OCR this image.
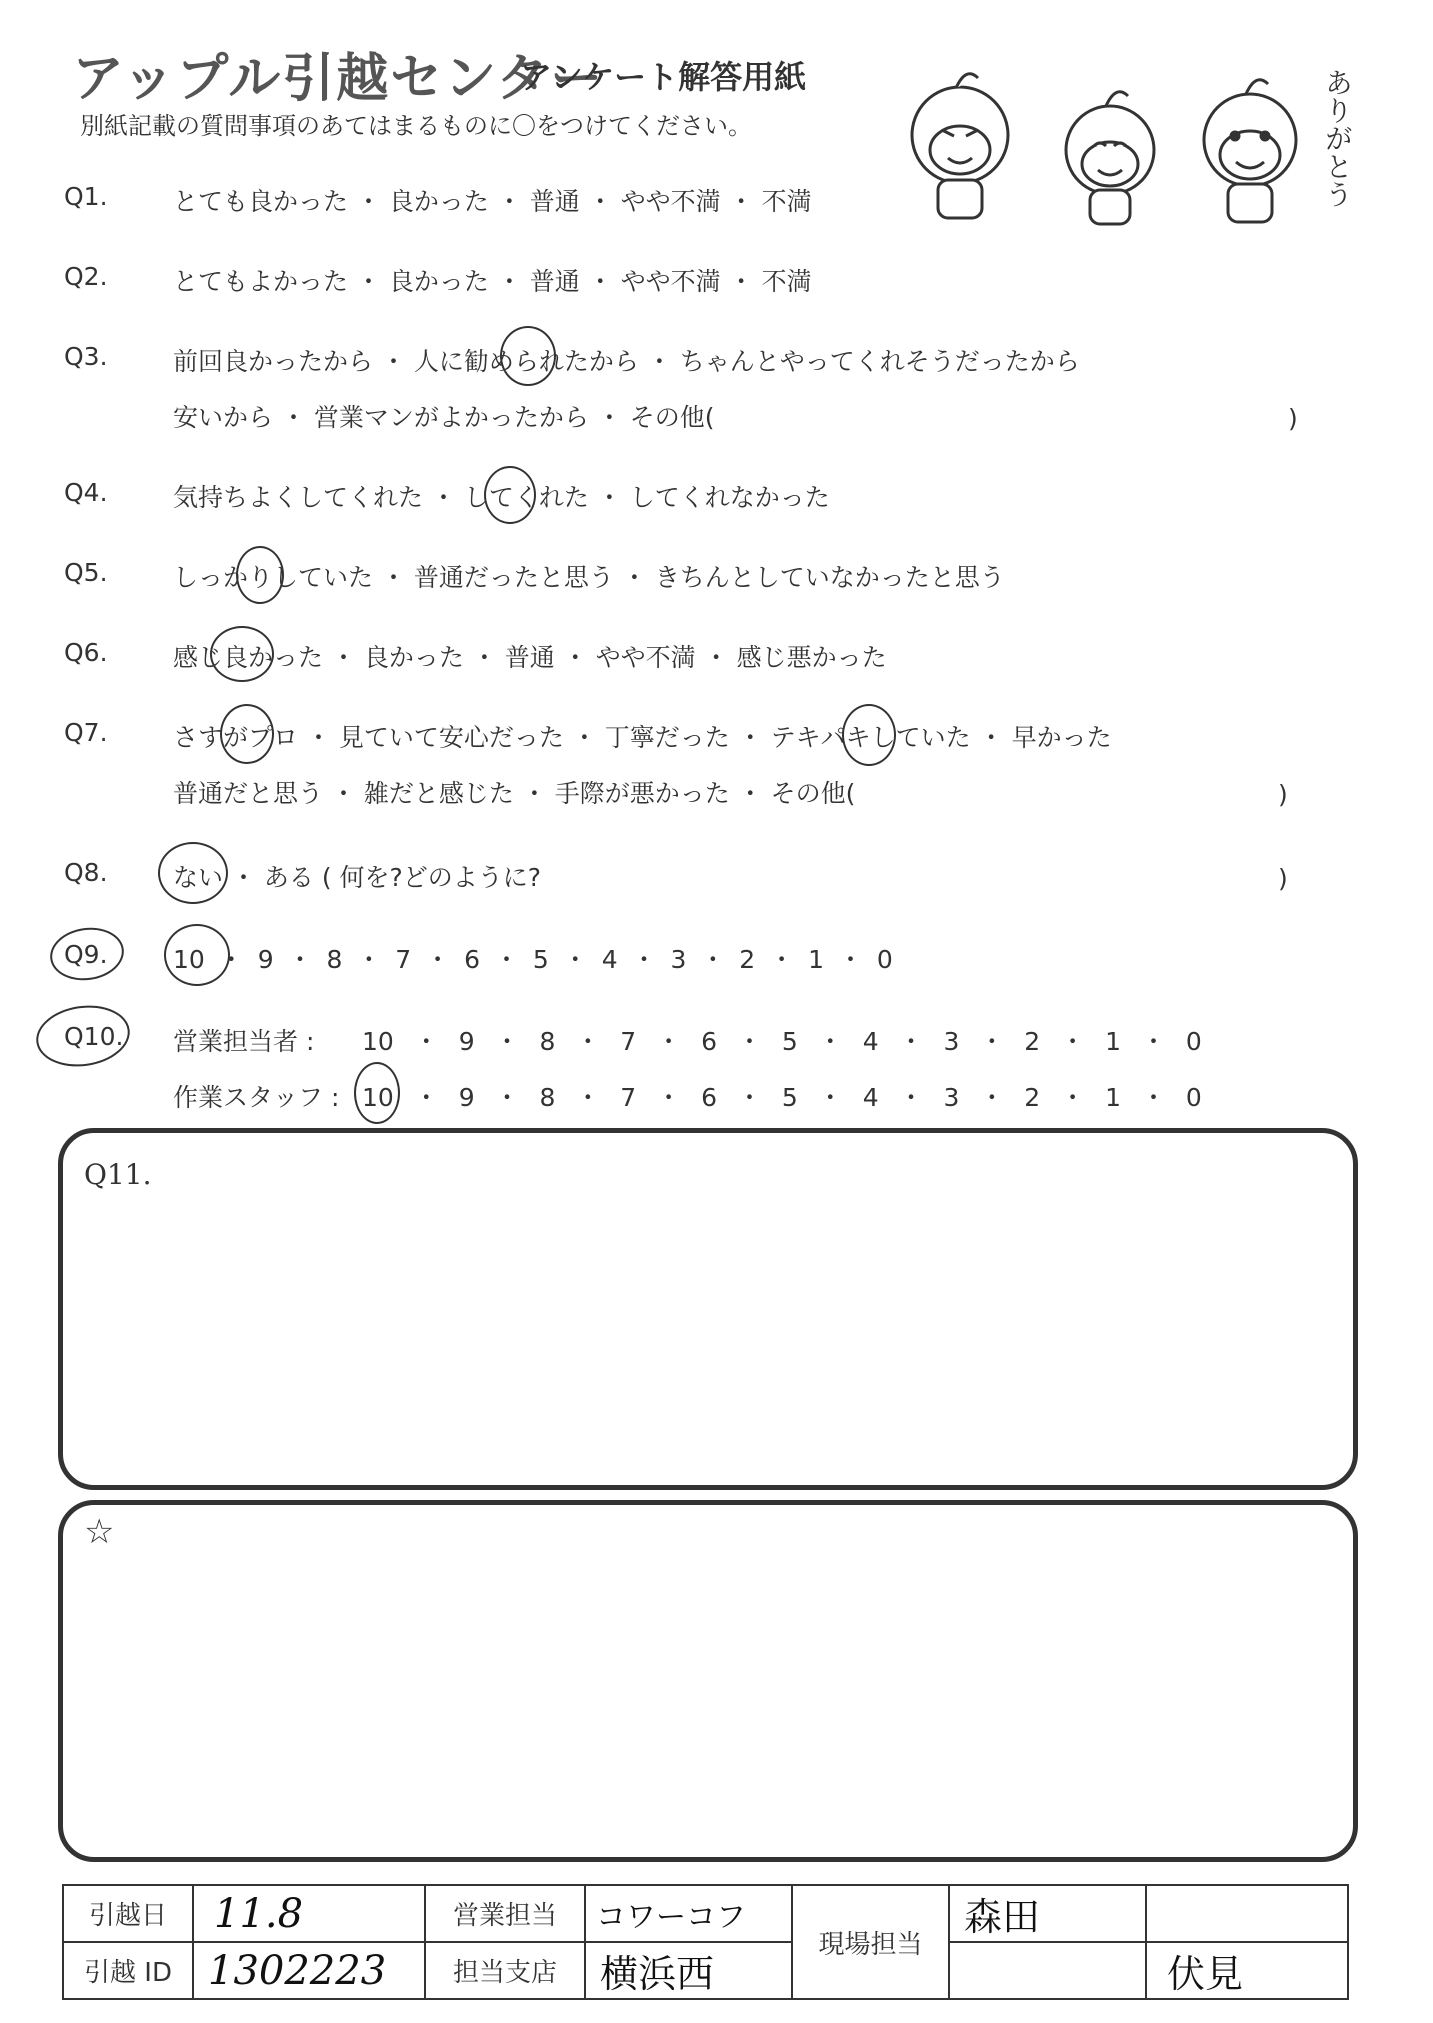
アップル引越センター
アンケート解答用紙
別紙記載の質問事項のあてはまるものに〇をつけてください。	ありがとう
Q1.	とても良かった ・ 良かった ・ 普通 ・ やや不満 ・ 不満
Q2.	とてもよかった ・ 良かった ・ 普通 ・ やや不満 ・ 不満
Q3.	前回良かったから ・ 人に勧められたから ・ ちゃんとやってくれそうだったから
安いから ・ 営業マンがよかったから ・ その他(	)
Q4.	気持ちよくしてくれた ・ してくれた ・ してくれなかった
Q5.	しっかりしていた ・ 普通だったと思う ・ きちんとしていなかったと思う
Q6.	感じ良かった ・ 良かった ・ 普通 ・ やや不満 ・ 感じ悪かった
Q7.	さすがプロ ・ 見ていて安心だった ・ 丁寧だった ・ テキパキしていた ・ 早かった
普通だと思う ・ 雑だと感じた ・ 手際が悪かった ・ その他(	)
Q8.	ない ・ ある ( 何を?どのように?	)
Q9.	10 ・ 9 ・ 8 ・ 7 ・ 6 ・ 5 ・ 4 ・ 3 ・ 2 ・ 1 ・ 0
Q10. 営業担当者 : 10 ・ 9 ・ 8 ・ 7 ・ 6 ・ 5 ・ 4 ・ 3 ・ 2 ・ 1 ・ 0
作業スタッフ : 10 ・ 9 ・ 8 ・ 7 ・ 6 ・ 5 ・ 4 ・ 3 ・ 2 ・ 1 ・ 0
Q11.
☆
引越日	11.8	営業担当	コワーコフ	現場担当	森田	
引越 ID	1302223	担当支店	横浜西			伏見
